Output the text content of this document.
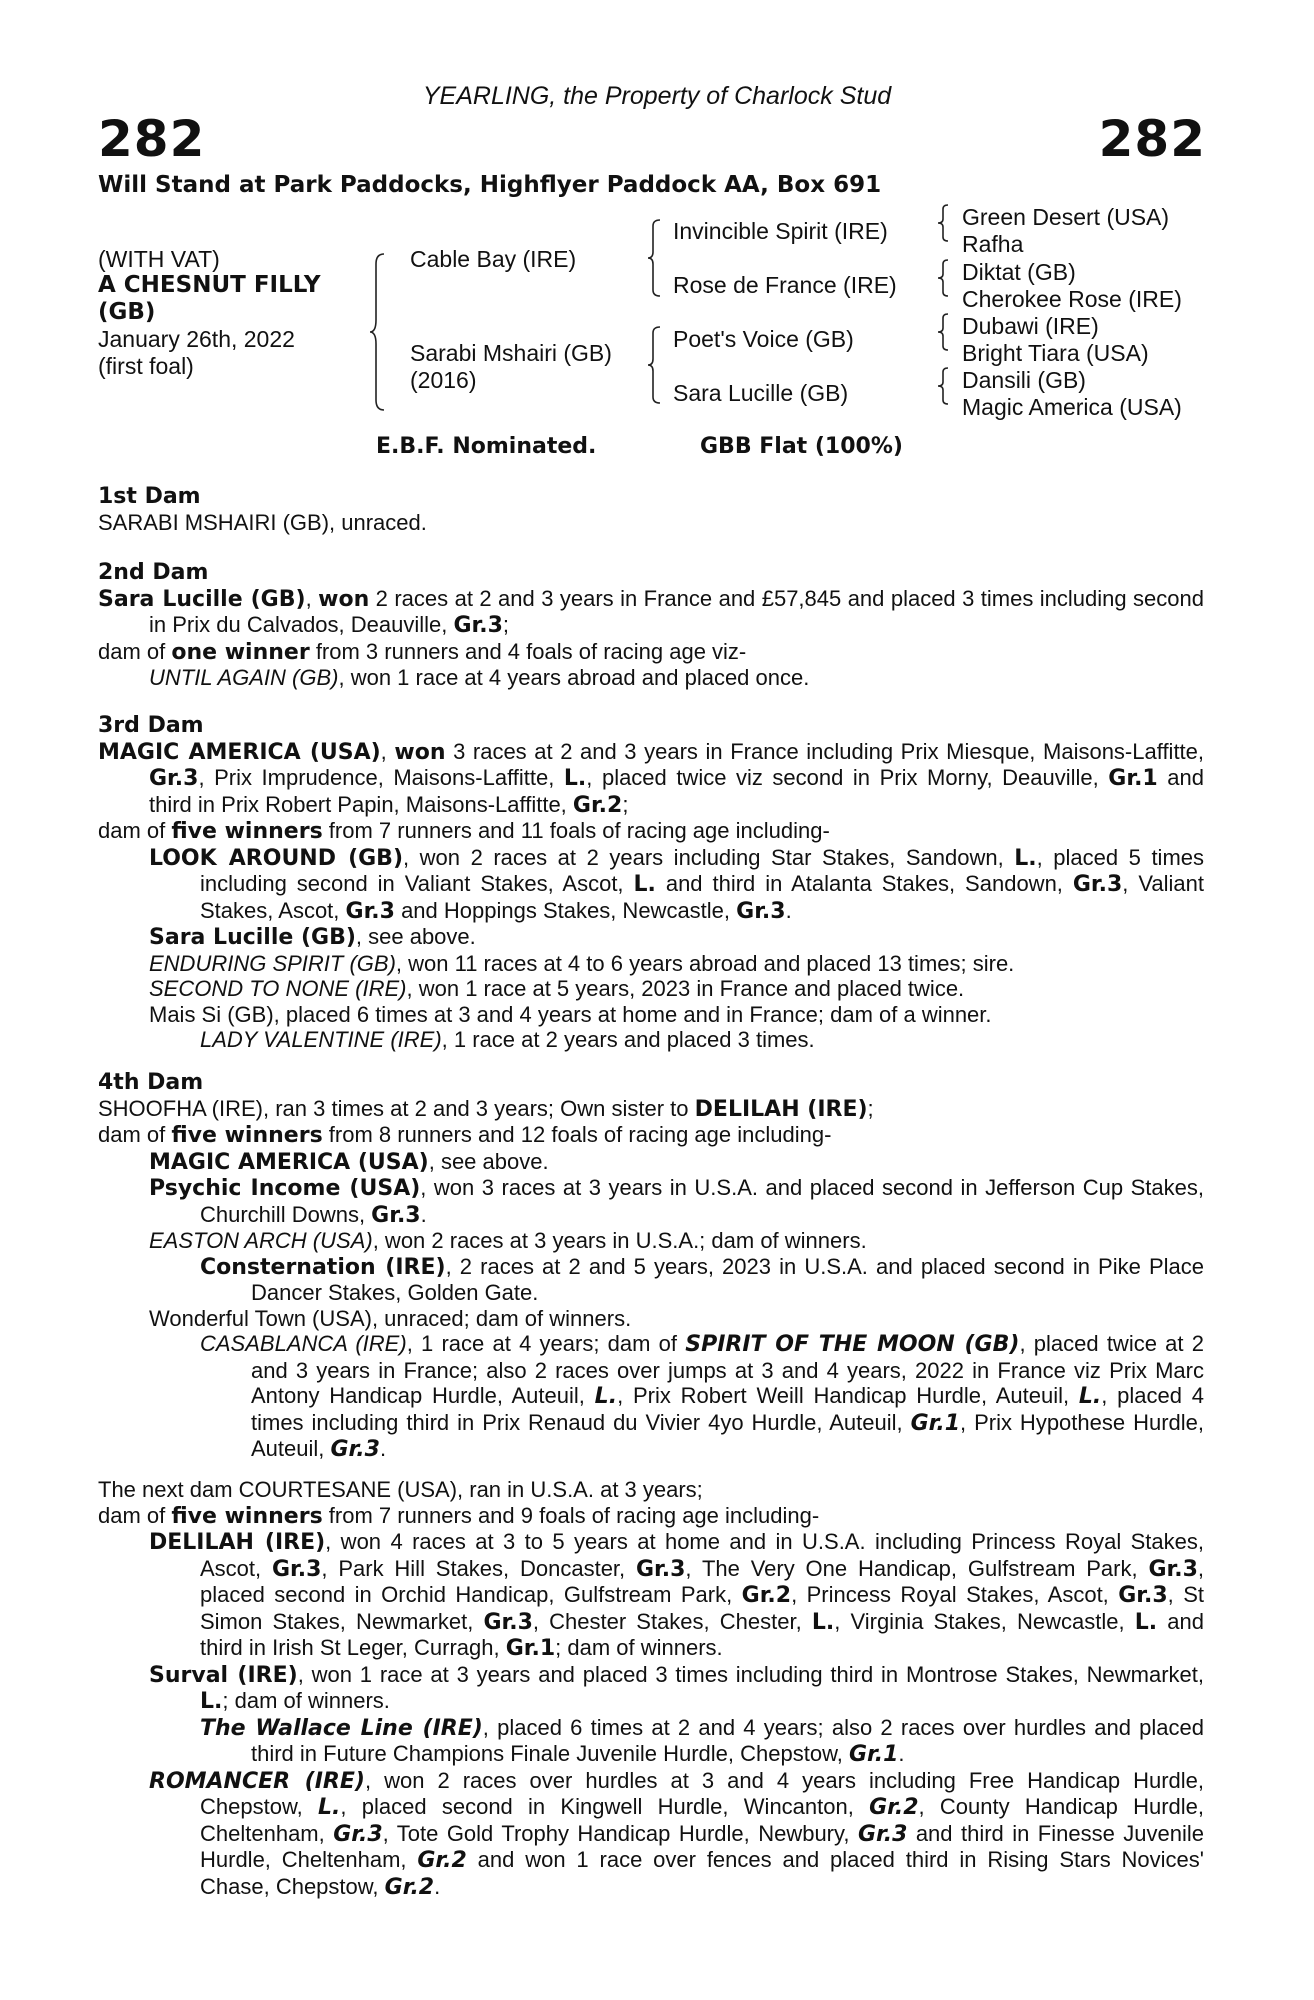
YEARLING, the Property of Charlock Stud
282	282
Will Stand at Park Paddocks, Highflyer Paddock AA, Box 691
(WITH VAT)
A CHESNUT FILLY
(GB)
January 26th, 2022
(first foal)
Cable Bay (IRE)
Sarabi Mshairi (GB)
(2016)
Invincible Spirit (IRE)
Rose de France (IRE)
Poet's Voice (GB)
Sara Lucille (GB)
Green Desert (USA)
Rafha
Diktat (GB)
Cherokee Rose (IRE)
Dubawi (IRE)
Bright Tiara (USA)
Dansili (GB)
Magic America (USA)
E.B.F. Nominated.	GBB Flat (100%)

1st Dam

SARABI MSHAIRI (GB), unraced.

2nd Dam

Sara Lucille (GB), won 2 races at 2 and 3 years in France and £57,845 and placed 3 times including second in Prix du Calvados, Deauville, Gr.3;

dam of one winner from 3 runners and 4 foals of racing age viz-

UNTIL AGAIN (GB), won 1 race at 4 years abroad and placed once.

3rd Dam

MAGIC AMERICA (USA), won 3 races at 2 and 3 years in France including Prix Miesque, Maisons-Laffitte, Gr.3, Prix Imprudence, Maisons-Laffitte, L., placed twice viz second in Prix Morny, Deauville, Gr.1 and third in Prix Robert Papin, Maisons-Laffitte, Gr.2;

dam of five winners from 7 runners and 11 foals of racing age including-

LOOK AROUND (GB), won 2 races at 2 years including Star Stakes, Sandown, L., placed 5 times including second in Valiant Stakes, Ascot, L. and third in Atalanta Stakes, Sandown, Gr.3, Valiant Stakes, Ascot, Gr.3 and Hoppings Stakes, Newcastle, Gr.3.

Sara Lucille (GB), see above.

ENDURING SPIRIT (GB), won 11 races at 4 to 6 years abroad and placed 13 times; sire.

SECOND TO NONE (IRE), won 1 race at 5 years, 2023 in France and placed twice.

Mais Si (GB), placed 6 times at 3 and 4 years at home and in France; dam of a winner.

LADY VALENTINE (IRE), 1 race at 2 years and placed 3 times.

4th Dam

SHOOFHA (IRE), ran 3 times at 2 and 3 years; Own sister to DELILAH (IRE);

dam of five winners from 8 runners and 12 foals of racing age including-

MAGIC AMERICA (USA), see above.

Psychic Income (USA), won 3 races at 3 years in U.S.A. and placed second in Jefferson Cup Stakes, Churchill Downs, Gr.3.

EASTON ARCH (USA), won 2 races at 3 years in U.S.A.; dam of winners.

Consternation (IRE), 2 races at 2 and 5 years, 2023 in U.S.A. and placed second in Pike Place Dancer Stakes, Golden Gate.

Wonderful Town (USA), unraced; dam of winners.

CASABLANCA (IRE), 1 race at 4 years; dam of SPIRIT OF THE MOON (GB), placed twice at 2 and 3 years in France; also 2 races over jumps at 3 and 4 years, 2022 in France viz Prix Marc Antony Handicap Hurdle, Auteuil, L., Prix Robert Weill Handicap Hurdle, Auteuil, L., placed 4 times including third in Prix Renaud du Vivier 4yo Hurdle, Auteuil, Gr.1, Prix Hypothese Hurdle, Auteuil, Gr.3.

The next dam COURTESANE (USA), ran in U.S.A. at 3 years;

dam of five winners from 7 runners and 9 foals of racing age including-

DELILAH (IRE), won 4 races at 3 to 5 years at home and in U.S.A. including Princess Royal Stakes, Ascot, Gr.3, Park Hill Stakes, Doncaster, Gr.3, The Very One Handicap, Gulfstream Park, Gr.3, placed second in Orchid Handicap, Gulfstream Park, Gr.2, Princess Royal Stakes, Ascot, Gr.3, St Simon Stakes, Newmarket, Gr.3, Chester Stakes, Chester, L., Virginia Stakes, Newcastle, L. and third in Irish St Leger, Curragh, Gr.1; dam of winners.

Surval (IRE), won 1 race at 3 years and placed 3 times including third in Montrose Stakes, Newmarket, L.; dam of winners.

The Wallace Line (IRE), placed 6 times at 2 and 4 years; also 2 races over hurdles and placed third in Future Champions Finale Juvenile Hurdle, Chepstow, Gr.1.

ROMANCER (IRE), won 2 races over hurdles at 3 and 4 years including Free Handicap Hurdle, Chepstow, L., placed second in Kingwell Hurdle, Wincanton, Gr.2, County Handicap Hurdle, Cheltenham, Gr.3, Tote Gold Trophy Handicap Hurdle, Newbury, Gr.3 and third in Finesse Juvenile Hurdle, Cheltenham, Gr.2 and won 1 race over fences and placed third in Rising Stars Novices' Chase, Chepstow, Gr.2.
